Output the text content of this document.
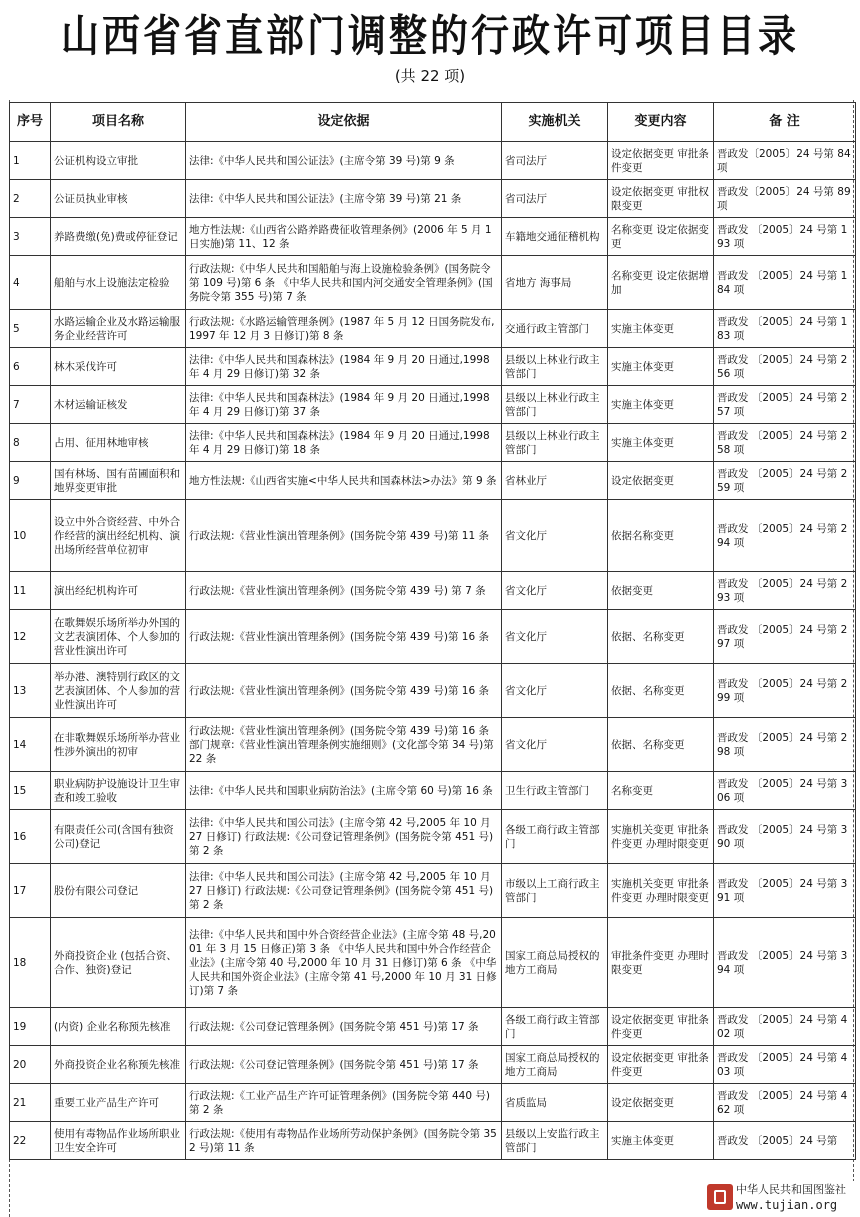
山西省省直部门调整的行政许可项目目录
(共 22 项)
序号	项目名称	设定依据	实施机关	变更内容	备 注
1	公证机构设立审批	法律:《中华人民共和国公证法》(主席令第 39 号)第 9 条	省司法厅	设定依据变更 审批条件变更	晋政发〔2005〕24 号第 84 项
2	公证员执业审核	法律:《中华人民共和国公证法》(主席令第 39 号)第 21 条	省司法厅	设定依据变更 审批权限变更	晋政发〔2005〕24 号第 89 项
3	养路费缴(免)费或停征登记	地方性法规:《山西省公路养路费征收管理条例》(2006 年 5 月 1 日实施)第 11、12 条	车籍地交通征稽机构	名称变更 设定依据变更	晋政发 〔2005〕24 号第 193 项
4	船舶与水上设施法定检验	行政法规:《中华人民共和国船舶与海上设施检验条例》(国务院令第 109 号)第 6 条 《中华人民共和国内河交通安全管理条例》(国务院令第 355 号)第 7 条	省地方 海事局	名称变更 设定依据增加	晋政发 〔2005〕24 号第 184 项
5	水路运输企业及水路运输服务企业经营许可	行政法规:《水路运输管理条例》(1987 年 5 月 12 日国务院发布,1997 年 12 月 3 日修订)第 8 条	交通行政主管部门	实施主体变更	晋政发 〔2005〕24 号第 183 项
6	林木采伐许可	法律:《中华人民共和国森林法》(1984 年 9 月 20 日通过,1998 年 4 月 29 日修订)第 32 条	县级以上林业行政主管部门	实施主体变更	晋政发 〔2005〕24 号第 256 项
7	木材运输证核发	法律:《中华人民共和国森林法》(1984 年 9 月 20 日通过,1998 年 4 月 29 日修订)第 37 条	县级以上林业行政主管部门	实施主体变更	晋政发 〔2005〕24 号第 257 项
8	占用、征用林地审核	法律:《中华人民共和国森林法》(1984 年 9 月 20 日通过,1998 年 4 月 29 日修订)第 18 条	县级以上林业行政主管部门	实施主体变更	晋政发 〔2005〕24 号第 258 项
9	国有林场、国有苗圃面积和地界变更审批	地方性法规:《山西省实施<中华人民共和国森林法>办法》第 9 条	省林业厅	设定依据变更	晋政发 〔2005〕24 号第 259 项
10	设立中外合资经营、中外合作经营的演出经纪机构、演出场所经营单位初审	行政法规:《营业性演出管理条例》(国务院令第 439 号)第 11 条	省文化厅	依据名称变更	晋政发 〔2005〕24 号第 294 项
11	演出经纪机构许可	行政法规:《营业性演出管理条例》(国务院令第 439 号) 第 7 条	省文化厅	依据变更	晋政发 〔2005〕24 号第 293 项
12	在歌舞娱乐场所举办外国的文艺表演团体、个人参加的营业性演出许可	行政法规:《营业性演出管理条例》(国务院令第 439 号)第 16 条	省文化厅	依据、名称变更	晋政发 〔2005〕24 号第 297 项
13	举办港、澳特别行政区的文艺表演团体、个人参加的营业性演出许可	行政法规:《营业性演出管理条例》(国务院令第 439 号)第 16 条	省文化厅	依据、名称变更	晋政发 〔2005〕24 号第 299 项
14	在非歌舞娱乐场所举办营业性涉外演出的初审	行政法规:《营业性演出管理条例》(国务院令第 439 号)第 16 条 部门规章:《营业性演出管理条例实施细则》(文化部令第 34 号)第 22 条	省文化厅	依据、名称变更	晋政发 〔2005〕24 号第 298 项
15	职业病防护设施设计卫生审查和竣工验收	法律:《中华人民共和国职业病防治法》(主席令第 60 号)第 16 条	卫生行政主管部门	名称变更	晋政发 〔2005〕24 号第 306 项
16	有限责任公司(含国有独资公司)登记	法律:《中华人民共和国公司法》(主席令第 42 号,2005 年 10 月 27 日修订) 行政法规:《公司登记管理条例》(国务院令第 451 号)第 2 条	各级工商行政主管部门	实施机关变更 审批条件变更 办理时限变更	晋政发 〔2005〕24 号第 390 项
17	股份有限公司登记	法律:《中华人民共和国公司法》(主席令第 42 号,2005 年 10 月 27 日修订) 行政法规:《公司登记管理条例》(国务院令第 451 号)第 2 条	市级以上工商行政主管部门	实施机关变更 审批条件变更 办理时限变更	晋政发 〔2005〕24 号第 391 项
18	外商投资企业 (包括合资、合作、独资)登记	法律:《中华人民共和国中外合资经营企业法》(主席令第 48 号,2001 年 3 月 15 日修正)第 3 条 《中华人民共和国中外合作经营企业法》(主席令第 40 号,2000 年 10 月 31 日修订)第 6 条 《中华人民共和国外资企业法》(主席令第 41 号,2000 年 10 月 31 日修订)第 7 条	国家工商总局授权的地方工商局	审批条件变更 办理时限变更	晋政发 〔2005〕24 号第 394 项
19	(内资) 企业名称预先核准	行政法规:《公司登记管理条例》(国务院令第 451 号)第 17 条	各级工商行政主管部门	设定依据变更 审批条件变更	晋政发 〔2005〕24 号第 402 项
20	外商投资企业名称预先核准	行政法规:《公司登记管理条例》(国务院令第 451 号)第 17 条	国家工商总局授权的地方工商局	设定依据变更 审批条件变更	晋政发 〔2005〕24 号第 403 项
21	重要工业产品生产许可	行政法规:《工业产品生产许可证管理条例》(国务院令第 440 号)第 2 条	省质监局	设定依据变更	晋政发 〔2005〕24 号第 462 项
22	使用有毒物品作业场所职业卫生安全许可	行政法规:《使用有毒物品作业场所劳动保护条例》(国务院令第 352 号)第 11 条	县级以上安监行政主管部门	实施主体变更	晋政发 〔2005〕24 号第
中华人民共和国图鉴社
www.tujian.org
